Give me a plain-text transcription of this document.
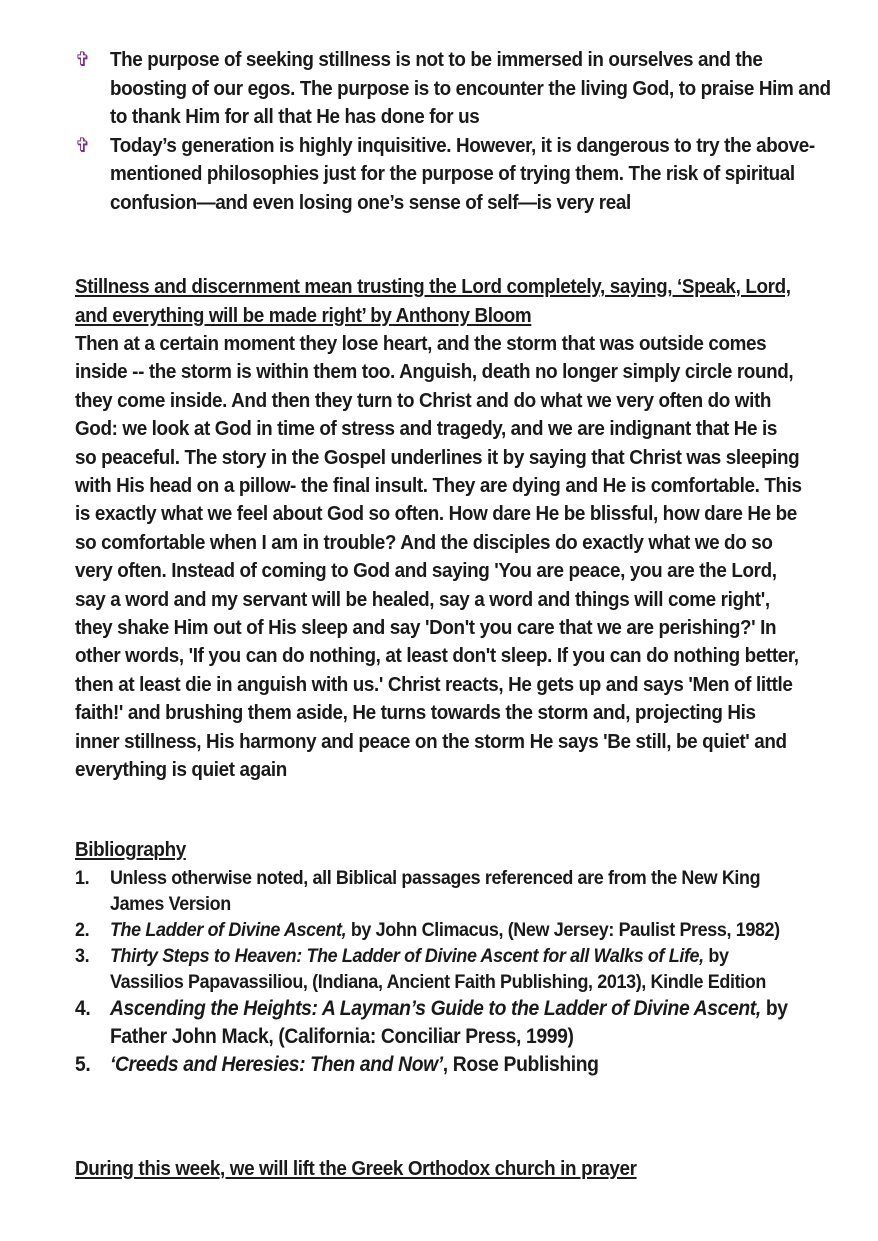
✞ The purpose of seeking stillness is not to be immersed in ourselves and the boosting of our egos. The purpose is to encounter the living God, to praise Him and to thank Him for all that He has done for us
✞ Today’s generation is highly inquisitive. However, it is dangerous to try the above-mentioned philosophies just for the purpose of trying them. The risk of spiritual confusion—and even losing one’s sense of self—is very real
Stillness and discernment mean trusting the Lord completely, saying, ‘Speak, Lord, and everything will be made right’ by Anthony Bloom
Then at a certain moment they lose heart, and the storm that was outside comes inside -- the storm is within them too. Anguish, death no longer simply circle round, they come inside. And then they turn to Christ and do what we very often do with God: we look at God in time of stress and tragedy, and we are indignant that He is so peaceful. The story in the Gospel underlines it by saying that Christ was sleeping with His head on a pillow- the final insult. They are dying and He is comfortable. This is exactly what we feel about God so often. How dare He be blissful, how dare He be so comfortable when I am in trouble? And the disciples do exactly what we do so very often. Instead of coming to God and saying 'You are peace, you are the Lord, say a word and my servant will be healed, say a word and things will come right', they shake Him out of His sleep and say 'Don't you care that we are perishing?' In other words, 'If you can do nothing, at least don't sleep. If you can do nothing better, then at least die in anguish with us.' Christ reacts, He gets up and says 'Men of little faith!' and brushing them aside, He turns towards the storm and, projecting His inner stillness, His harmony and peace on the storm He says 'Be still, be quiet' and everything is quiet again
Bibliography
1. Unless otherwise noted, all Biblical passages referenced are from the New King James Version
2. The Ladder of Divine Ascent, by John Climacus, (New Jersey: Paulist Press, 1982)
3. Thirty Steps to Heaven: The Ladder of Divine Ascent for all Walks of Life, by Vassilios Papavassiliou, (Indiana, Ancient Faith Publishing, 2013), Kindle Edition
4. Ascending the Heights: A Layman’s Guide to the Ladder of Divine Ascent, by Father John Mack, (California: Conciliar Press, 1999)
5. ‘Creeds and Heresies: Then and Now’, Rose Publishing
During this week, we will lift the Greek Orthodox church in prayer
